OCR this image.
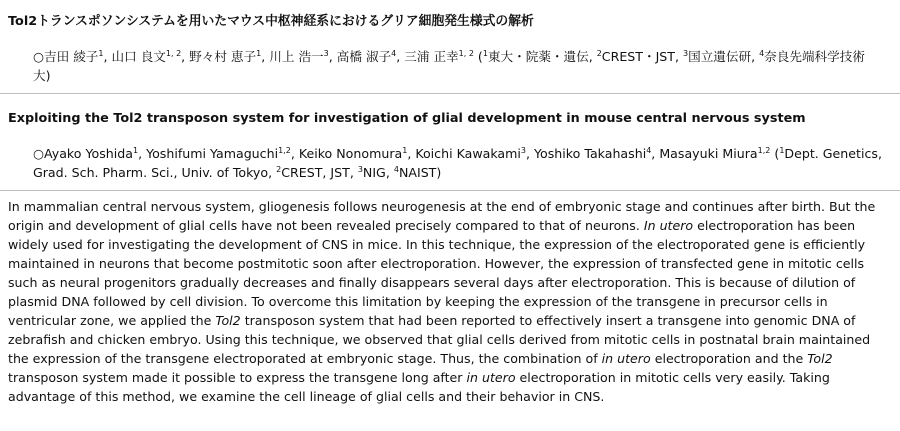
Tol2トランスポソンシステムを用いたマウス中枢神経系におけるグリア細胞発生様式の解析

○吉田 綾子$^1$, 山口 良文$^{1, 2}$, 野々村 恵子$^1$, 川上 浩一$^3$, 高橋 淑子$^4$, 三浦 正幸$^{1, 2}$ ($^1$東大・院薬・遺伝, $^2$CREST・JST, $^3$国立遺伝研, $^4$奈良先端科学技術大)

Exploiting the Tol2 transposon system for investigation of glial development in mouse central nervous system

○Ayako Yoshida$^1$, Yoshifumi Yamaguchi$^{1,2}$, Keiko Nonomura$^1$, Koichi Kawakami$^3$, Yoshiko Takahashi$^4$, Masayuki Miura$^{1,2}$ ($^1$Dept. Genetics, Grad. Sch. Pharm. Sci., Univ. of Tokyo, $^2$CREST, JST, $^3$NIG, $^4$NAIST)

In mammalian central nervous system, gliogenesis follows neurogenesis at the end of embryonic stage and continues after birth. But the origin and development of glial cells have not been revealed precisely compared to that of neurons. In utero electroporation has been widely used for investigating the development of CNS in mice. In this technique, the expression of the electroporated gene is efficiently maintained in neurons that become postmitotic soon after electroporation. However, the expression of transfected gene in mitotic cells such as neural progenitors gradually decreases and finally disappears several days after electroporation. This is because of dilution of plasmid DNA followed by cell division. To overcome this limitation by keeping the expression of the transgene in precursor cells in ventricular zone, we applied the Tol2 transposon system that had been reported to effectively insert a transgene into genomic DNA of zebrafish and chicken embryo. Using this technique, we observed that glial cells derived from mitotic cells in postnatal brain maintained the expression of the transgene electroporated at embryonic stage. Thus, the combination of in utero electroporation and the Tol2 transposon system made it possible to express the transgene long after in utero electroporation in mitotic cells very easily. Taking advantage of this method, we examine the cell lineage of glial cells and their behavior in CNS.
